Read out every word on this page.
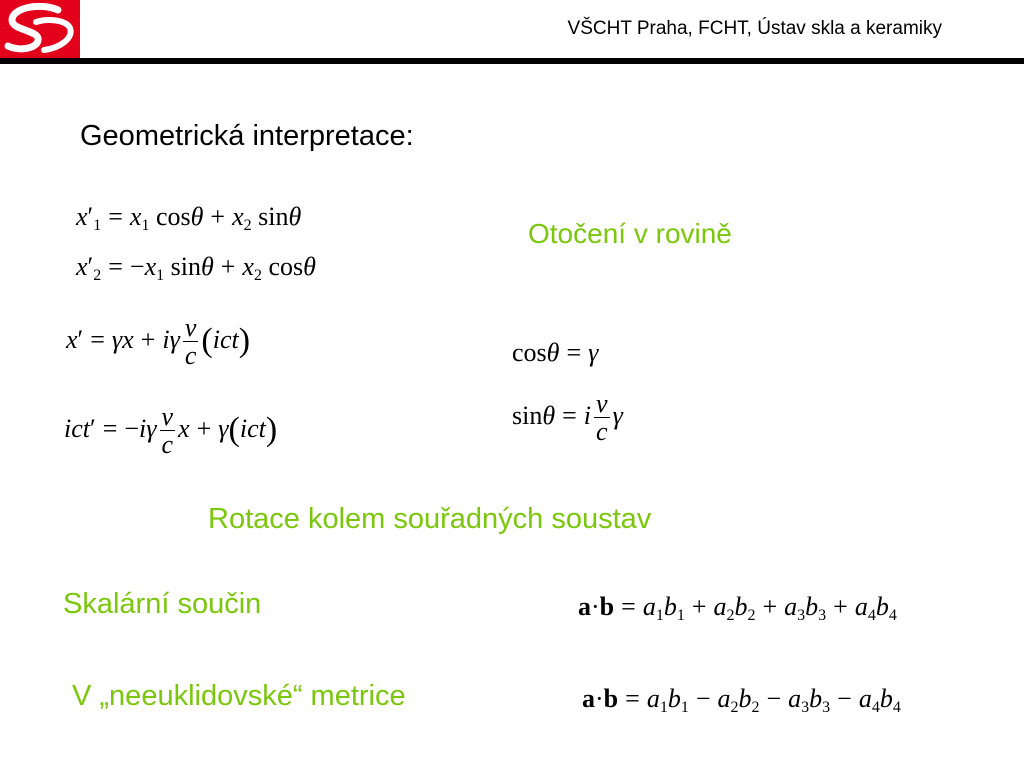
VŠCHT Praha, FCHT, Ústav skla a keramiky
Geometrická interpretace:
$x'_1 = x_1$ $\cos\theta + x_2$ sinθ
$x'_2 = -x_1$ $\sin\theta + x_2$ cosθ
Otočení v rovině
x′ = γx + iγ $\frac{v}{c} (ict)$
$ict' = -i\gamma \frac{v}{c}$ x + γ(ict)
cosθ = γ
sinθ = i $\frac{v}{c}$ γ
Rotace kolem souřadných soustav
Skalární součin	$a\cdot b = a_1b_1 + a_2b_2 + a_3b_3 + a_4b_4$
V „neeuklidovské“ metrice	$a\cdot b = a_1b_1 - a_2b_2 - a_3b_3 - a_4b_4$
